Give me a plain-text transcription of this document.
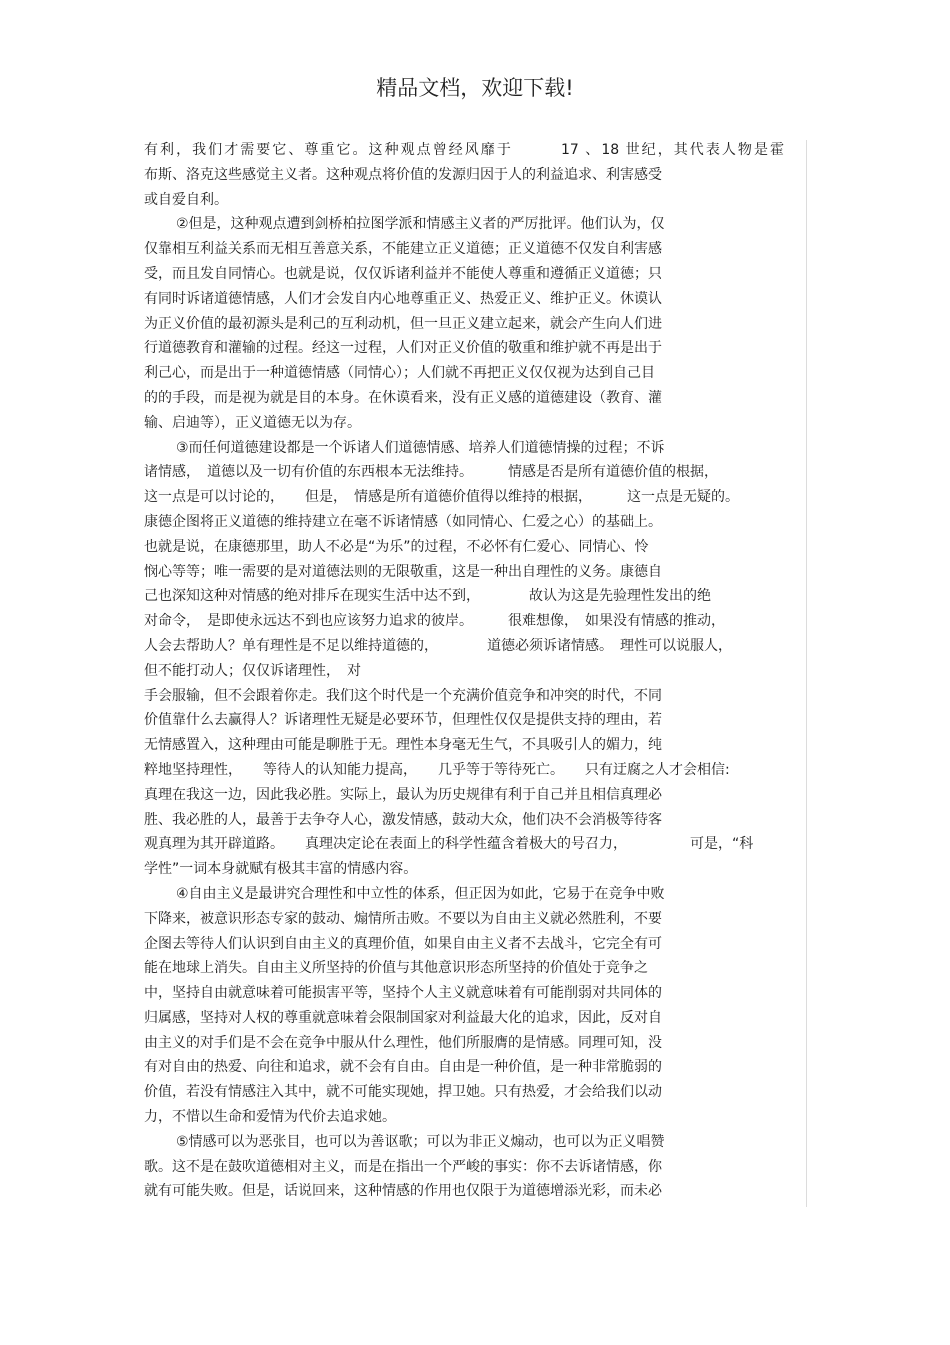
精品文档，欢迎下载!
有利，我们才需要它、尊重它。这种观点曾经风靡于　　　17 、18 世纪，其代表人物是霍
布斯、洛克这些感觉主义者。这种观点将价值的发源归因于人的利益追求、利害感受
或自爱自利。
②但是，这种观点遭到剑桥柏拉图学派和情感主义者的严厉批评。他们认为，仅
仅靠相互利益关系而无相互善意关系，不能建立正义道德；正义道德不仅发自利害感
受，而且发自同情心。也就是说，仅仅诉诸利益并不能使人尊重和遵循正义道德；只
有同时诉诸道德情感，人们才会发自内心地尊重正义、热爱正义、维护正义。休谟认
为正义价值的最初源头是利己的互利动机，但一旦正义建立起来，就会产生向人们进
行道德教育和灌输的过程。经这一过程，人们对正义价值的敬重和维护就不再是出于
利己心，而是出于一种道德情感（同情心）；人们就不再把正义仅仅视为达到自己目
的的手段，而是视为就是目的本身。在休谟看来，没有正义感的道德建设（教育、灌
输、启迪等），正义道德无以为存。
③而任何道德建设都是一个诉诸人们道德情感、培养人们道德情操的过程；不诉
诸情感，　道德以及一切有价值的东西根本无法维持。　　　情感是否是所有道德价值的根据，
这一点是可以讨论的，　　但是，　情感是所有道德价值得以维持的根据，　　　这一点是无疑的。
康德企图将正义道德的维持建立在毫不诉诸情感（如同情心、仁爱之心）的基础上。
也就是说，在康德那里，助人不必是“为乐”的过程，不必怀有仁爱心、同情心、怜
悯心等等；唯一需要的是对道德法则的无限敬重，这是一种出自理性的义务。康德自
己也深知这种对情感的绝对排斥在现实生活中达不到，　　　　故认为这是先验理性发出的绝
对命令，　是即使永远达不到也应该努力追求的彼岸。　　　很难想像，　如果没有情感的推动，
人会去帮助人？单有理性是不足以维持道德的，　　　　道德必须诉诸情感。　理性可以说服人，
但不能打动人；仅仅诉诸理性，　对
手会服输，但不会跟着你走。我们这个时代是一个充满价值竞争和冲突的时代，不同
价值靠什么去赢得人？诉诸理性无疑是必要环节，但理性仅仅是提供支持的理由，若
无情感置入，这种理由可能是聊胜于无。理性本身毫无生气，不具吸引人的媚力，纯
粹地坚持理性，　　等待人的认知能力提高，　　几乎等于等待死亡。　　只有迂腐之人才会相信:
真理在我这一边，因此我必胜。实际上，最认为历史规律有利于自己并且相信真理必
胜、我必胜的人，最善于去争夺人心，激发情感，鼓动大众，他们决不会消极等待客
观真理为其开辟道路。　　真理决定论在表面上的科学性蕴含着极大的号召力，　　　　　可是，“科
学性”一词本身就赋有极其丰富的情感内容。
④自由主义是最讲究合理性和中立性的体系，但正因为如此，它易于在竞争中败
下降来，被意识形态专家的鼓动、煽情所击败。不要以为自由主义就必然胜利，不要
企图去等待人们认识到自由主义的真理价值，如果自由主义者不去战斗，它完全有可
能在地球上消失。自由主义所坚持的价值与其他意识形态所坚持的价值处于竞争之
中，坚持自由就意味着可能损害平等，坚持个人主义就意味着有可能削弱对共同体的
归属感，坚持对人权的尊重就意味着会限制国家对利益最大化的追求，因此，反对自
由主义的对手们是不会在竞争中服从什么理性，他们所服膺的是情感。同理可知，没
有对自由的热爱、向往和追求，就不会有自由。自由是一种价值，是一种非常脆弱的
价值，若没有情感注入其中，就不可能实现她，捍卫她。只有热爱，才会给我们以动
力，不惜以生命和爱情为代价去追求她。
⑤情感可以为恶张目，也可以为善讴歌；可以为非正义煽动，也可以为正义唱赞
歌。这不是在鼓吹道德相对主义，而是在指出一个严峻的事实：你不去诉诸情感，你
就有可能失败。但是，话说回来，这种情感的作用也仅限于为道德增添光彩，而未必
